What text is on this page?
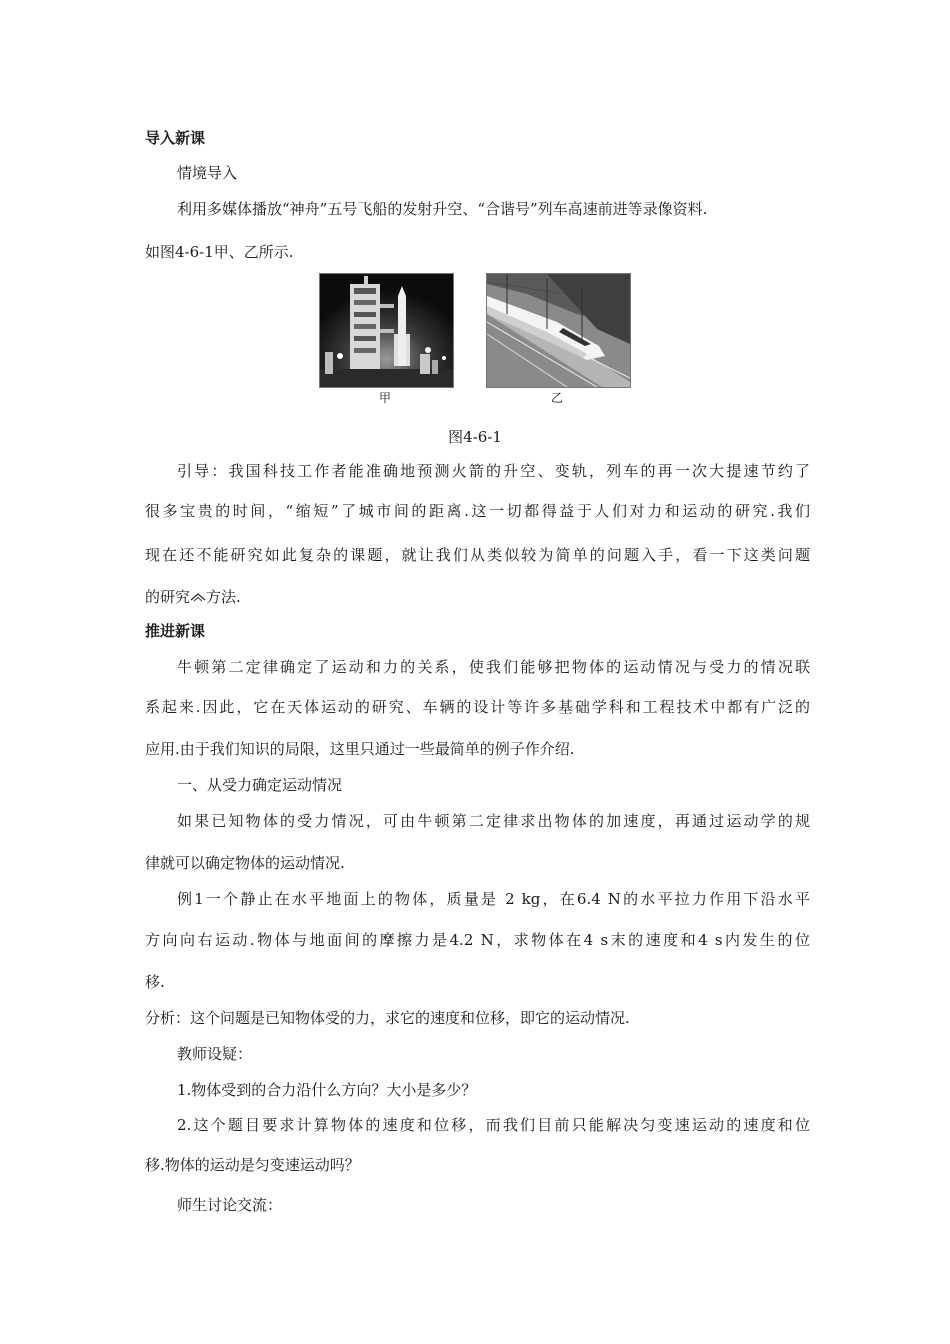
导入新课
情境导入
利用多媒体播放“神舟”五号飞船的发射升空、“合谐号”列车高速前进等录像资料.
如图4-6-1甲、乙所示.
甲	乙
图4-6-1
引导：我国科技工作者能准确地预测火箭的升空、变轨，列车的再一次大提速节约了
很多宝贵的时间，“缩短”了城市间的距离.这一切都得益于人们对力和运动的研究.我们
现在还不能研究如此复杂的课题，就让我们从类似较为简单的问题入手，看一下这类问题
的研究 方法.
推进新课
牛顿第二定律确定了运动和力的关系，使我们能够把物体的运动情况与受力的情况联
系起来.因此，它在天体运动的研究、车辆的设计等许多基础学科和工程技术中都有广泛的
应用.由于我们知识的局限，这里只通过一些最简单的例子作介绍.
一、从受力确定运动情况
如果已知物体的受力情况，可由牛顿第二定律求出物体的加速度，再通过运动学的规
律就可以确定物体的运动情况.
例1一个静止在水平地面上的物体，质量是 2 kg，在6.4 N的水平拉力作用下沿水平
方向向右运动.物体与地面间的摩擦力是4.2 N，求物体在4 s末的速度和4 s内发生的位
移.
分析：这个问题是已知物体受的力，求它的速度和位移，即它的运动情况.
教师设疑：
1.物体受到的合力沿什么方向？大小是多少？
2.这个题目要求计算物体的速度和位移，而我们目前只能解决匀变速运动的速度和位
移.物体的运动是匀变速运动吗？
师生讨论交流：
